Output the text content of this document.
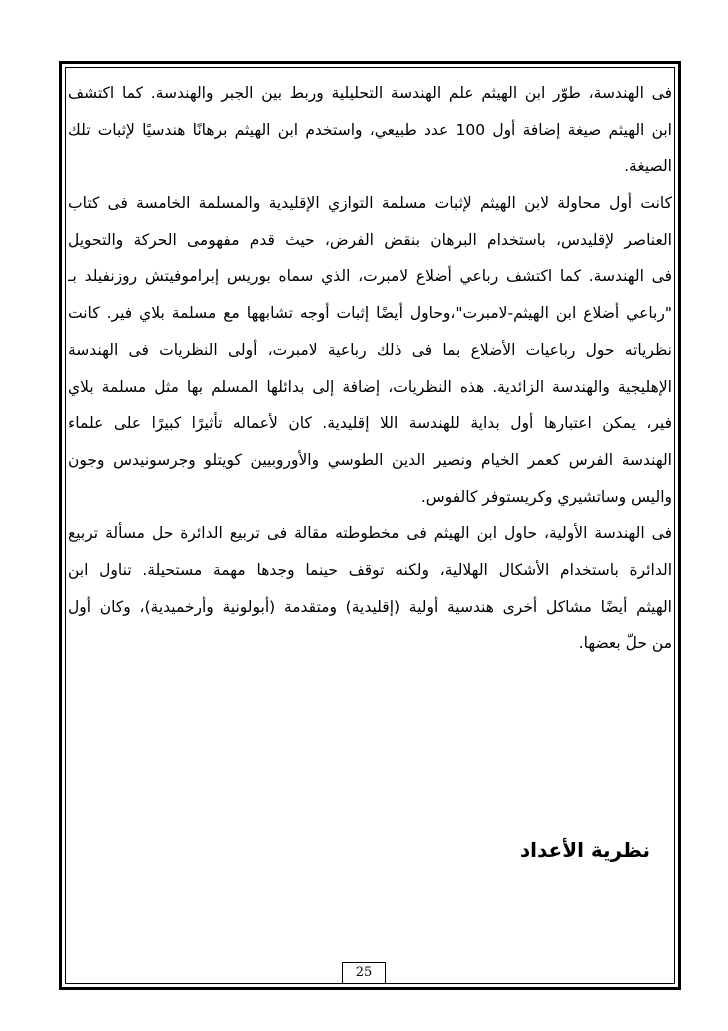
فى الهندسة، طوّر ابن الهيثم علم الهندسة التحليلية وربط بين الجبر والهندسة. كما اكتشف
ابن الهيثم صيغة إضافة أول 100 عدد طبيعي، واستخدم ابن الهيثم برهانًا هندسيًا لإثبات تلك
الصيغة.
كانت أول محاولة لابن الهيثم لإثبات مسلمة التوازي الإقليدية والمسلمة الخامسة فى كتاب
العناصر لإقليدس، باستخدام البرهان بنقض الفرض، حيث قدم مفهومى الحركة والتحويل
فى الهندسة. كما اكتشف رباعي أضلاع لامبرت، الذي سماه بوريس إبراموفيتش روزنفيلد بـ
"رباعي أضلاع ابن الهيثم-لامبرت"،وحاول أيضًا إثبات أوجه تشابهها مع مسلمة بلاي فير. كانت
نظرياته حول رباعيات الأضلاع بما فى ذلك رباعية لامبرت، أولى النظريات فى الهندسة
الإهليجية والهندسة الزائدية. هذه النظريات، إضافة إلى بدائلها المسلم بها مثل مسلمة بلاي
فير، يمكن اعتبارها أول بداية للهندسة اللا إقليدية. كان لأعماله تأثيرًا كبيرًا على علماء
الهندسة الفرس كعمر الخيام ونصير الدين الطوسي والأوروبيين كويتلو وجرسونيدس وجون
واليس وساتشيري وكريستوفر كالفوس.
فى الهندسة الأولية، حاول ابن الهيثم فى مخطوطته مقالة فى تربيع الدائرة حل مسألة تربيع
الدائرة باستخدام الأشكال الهلالية، ولكنه توقف حينما وجدها مهمة مستحيلة. تناول ابن
الهيثم أيضًا مشاكل أخرى هندسية أولية (إقليدية) ومتقدمة (أبولونية وأرخميدية)، وكان أول
من حلّ بعضها.
نظرية الأعداد
25
